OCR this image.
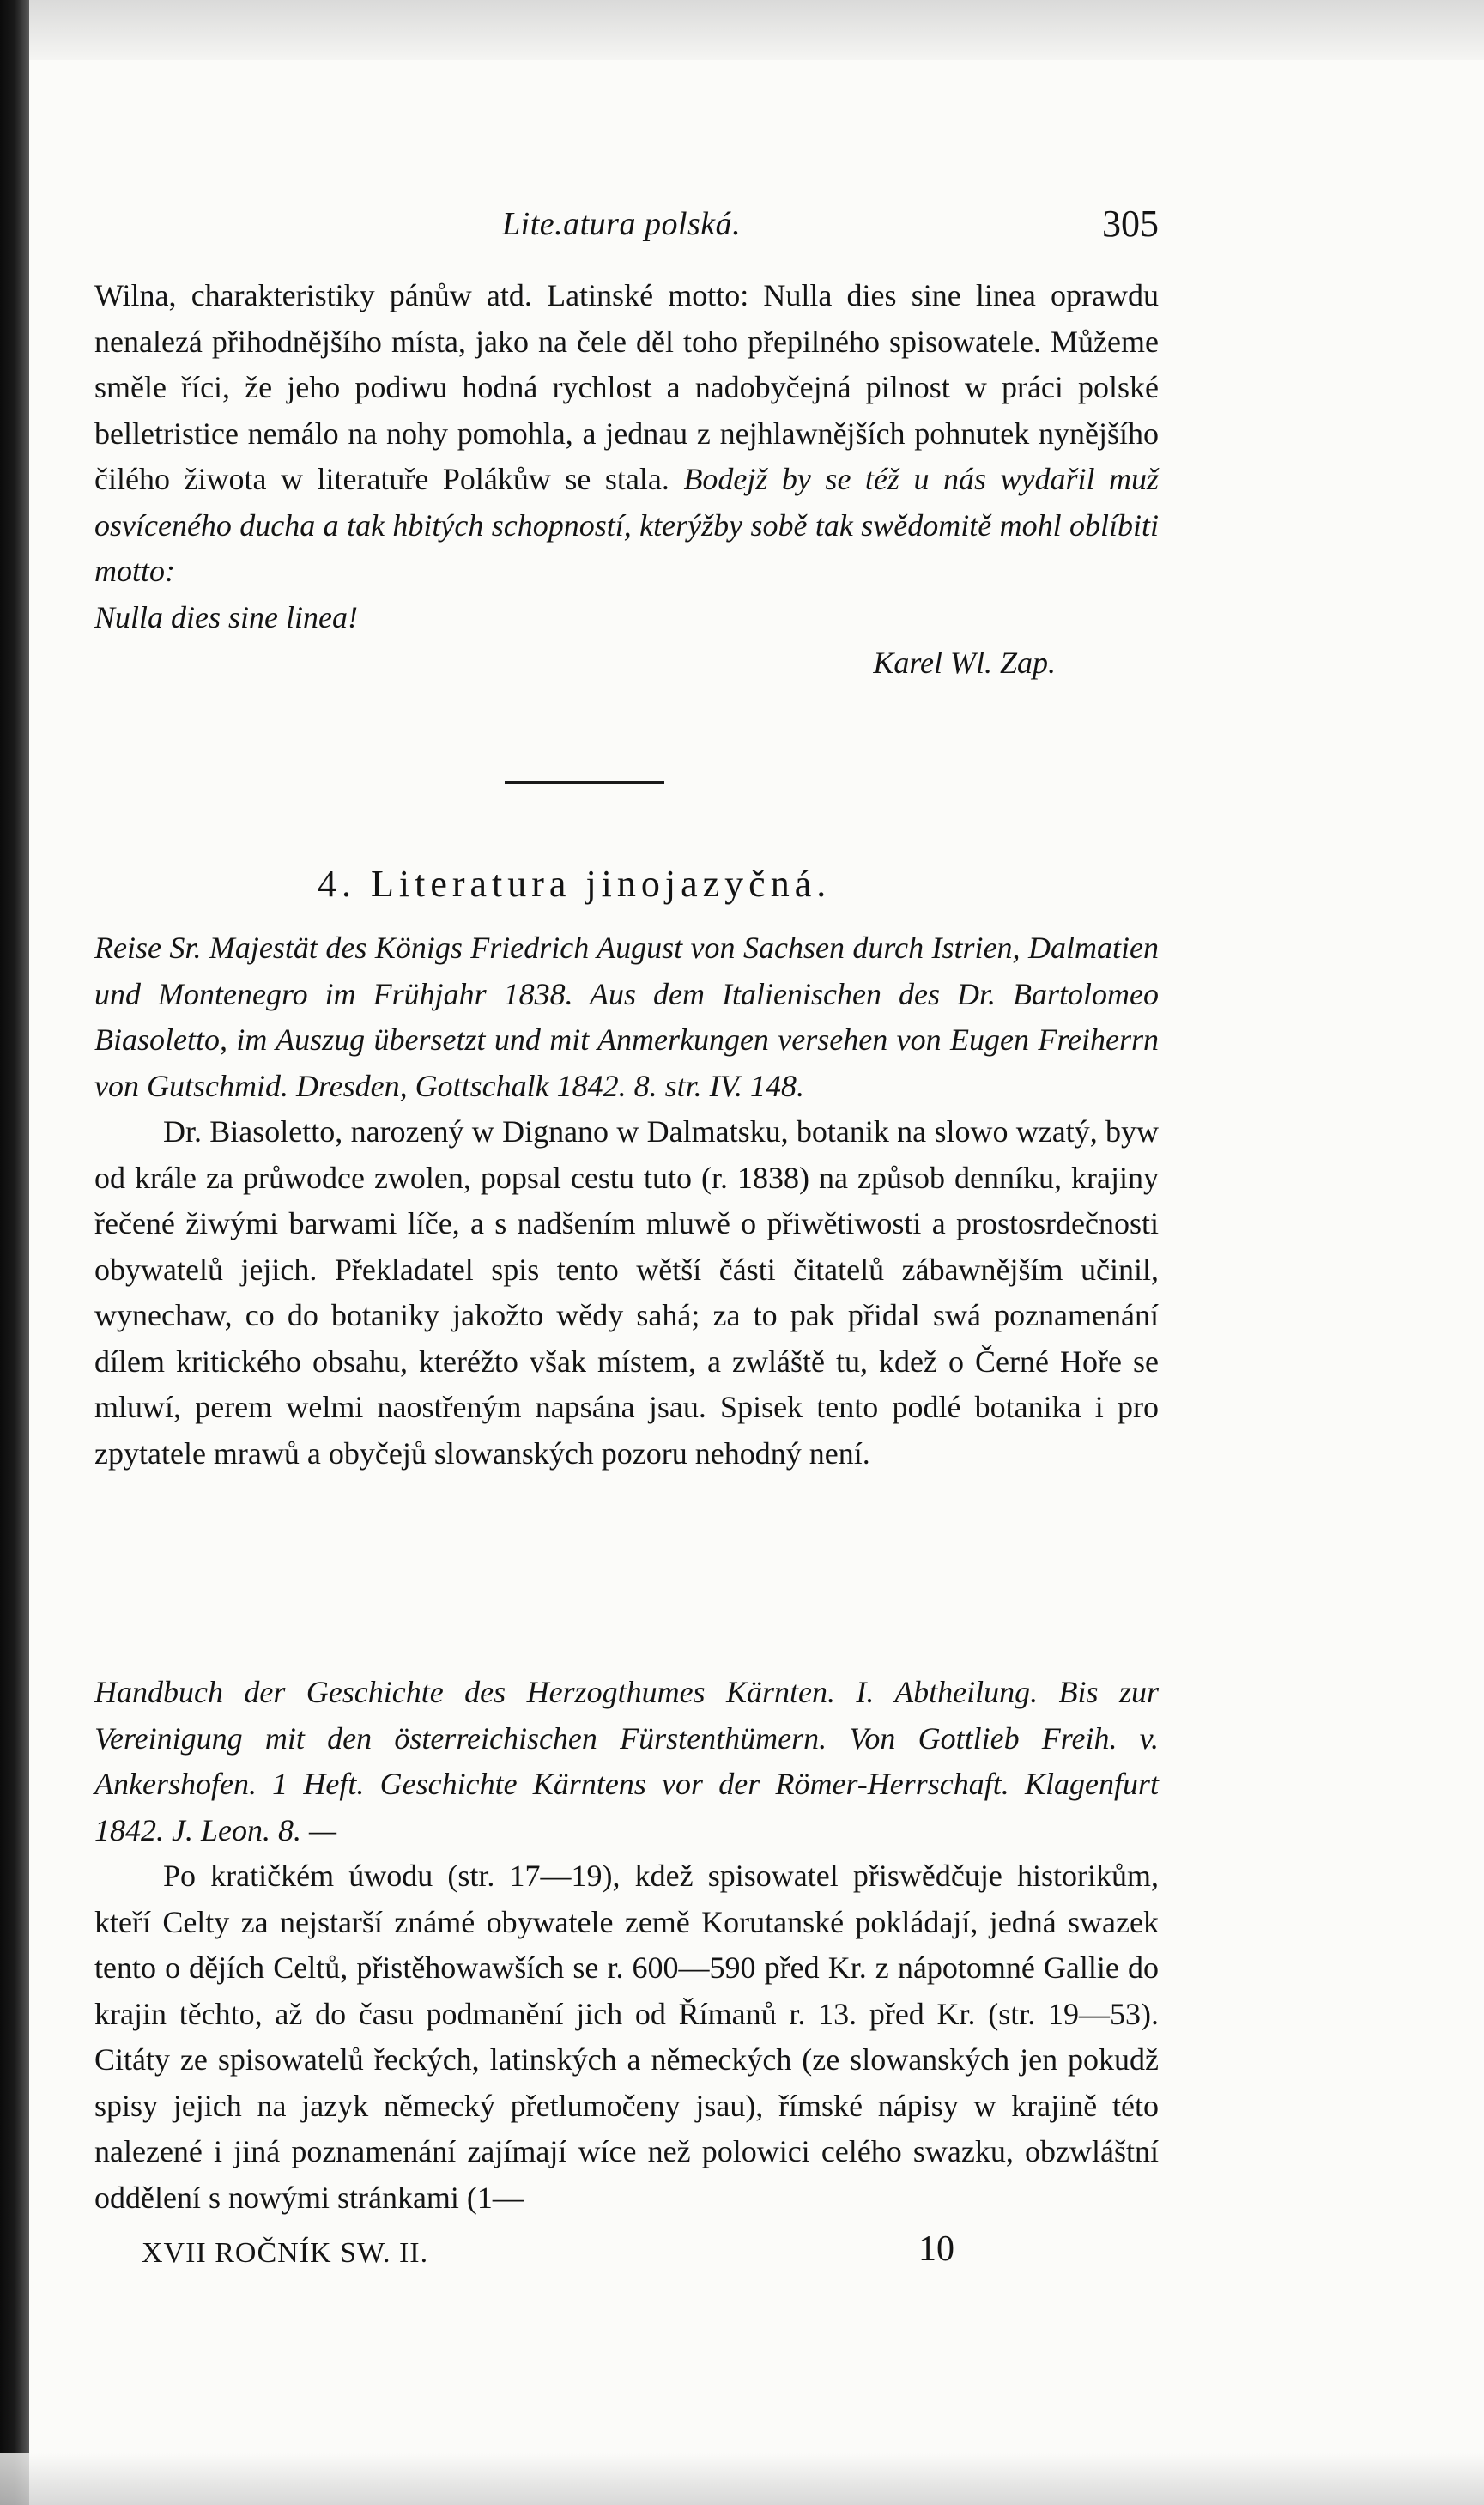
Lite.atura polská.	305

Wilna, charakteristiky pánůw atd. Latinské motto: Nulla dies sine linea oprawdu nenalezá přihodnějšího místa, jako na čele děl toho přepilného spisowatele. Můžeme směle říci, že jeho podiwu hodná rychlost a nadobyčejná pilnost w práci polské belletristice nemálo na nohy pomohla, a jednau z nejhlawnějších pohnutek nynějšího čilého žiwota w literatuře Polákůw se stala. Bodejž by se též u nás wydařil muž osvíceného ducha a tak hbitých schopností, kterýžby sobě tak swědomitě mohl oblíbiti motto:

Nulla dies sine linea!

Karel Wl. Zap.

4. Literatura jinojazyčná.

Reise Sr. Majestät des Königs Friedrich August von Sachsen durch Istrien, Dalmatien und Montenegro im Frühjahr 1838. Aus dem Italienischen des Dr. Bartolomeo Biasoletto, im Auszug übersetzt und mit Anmerkungen versehen von Eugen Freiherrn von Gutschmid. Dresden, Gottschalk 1842. 8. str. IV. 148.

Dr. Biasoletto, narozený w Dignano w Dalmatsku, botanik na slowo wzatý, byw od krále za průwodce zwolen, popsal cestu tuto (r. 1838) na způsob denníku, krajiny řečené žiwými barwami líče, a s nadšením mluwě o přiwětiwosti a prostosrdečnosti obywatelů jejich. Překladatel spis tento wětší části čitatelů zábawnějším učinil, wynechaw, co do botaniky jakožto wědy sahá; za to pak přidal swá poznamenání dílem kritického obsahu, kteréžto však místem, a zwláště tu, kdež o Černé Hoře se mluwí, perem welmi naostřeným napsána jsau. Spisek tento podlé botanika i pro zpytatele mrawů a obyčejů slowanských pozoru nehodný není.

Handbuch der Geschichte des Herzogthumes Kärnten. I. Abtheilung. Bis zur Vereinigung mit den österreichischen Fürstenthümern. Von Gottlieb Freih. v. Ankershofen. 1 Heft. Geschichte Kärntens vor der Römer-Herrschaft. Klagenfurt 1842. J. Leon. 8. —

Po kratičkém úwodu (str. 17—19), kdež spisowatel přiswědčuje historikům, kteří Celty za nejstarší známé obywatele země Korutanské pokládají, jedná swazek tento o dějích Celtů, přistěhowawších se r. 600—590 před Kr. z nápotomné Gallie do krajin těchto, až do času podmanění jich od Římanů r. 13. před Kr. (str. 19—53). Citáty ze spisowatelů řeckých, latinských a německých (ze slowanských jen pokudž spisy jejich na jazyk německý přetlumočeny jsau), římské nápisy w krajině této nalezené i jiná poznamenání zajímají wíce než polowici celého swazku, obzwláštní oddělení s nowými stránkami (1—

XVII ROČNÍK SW. II.	10
